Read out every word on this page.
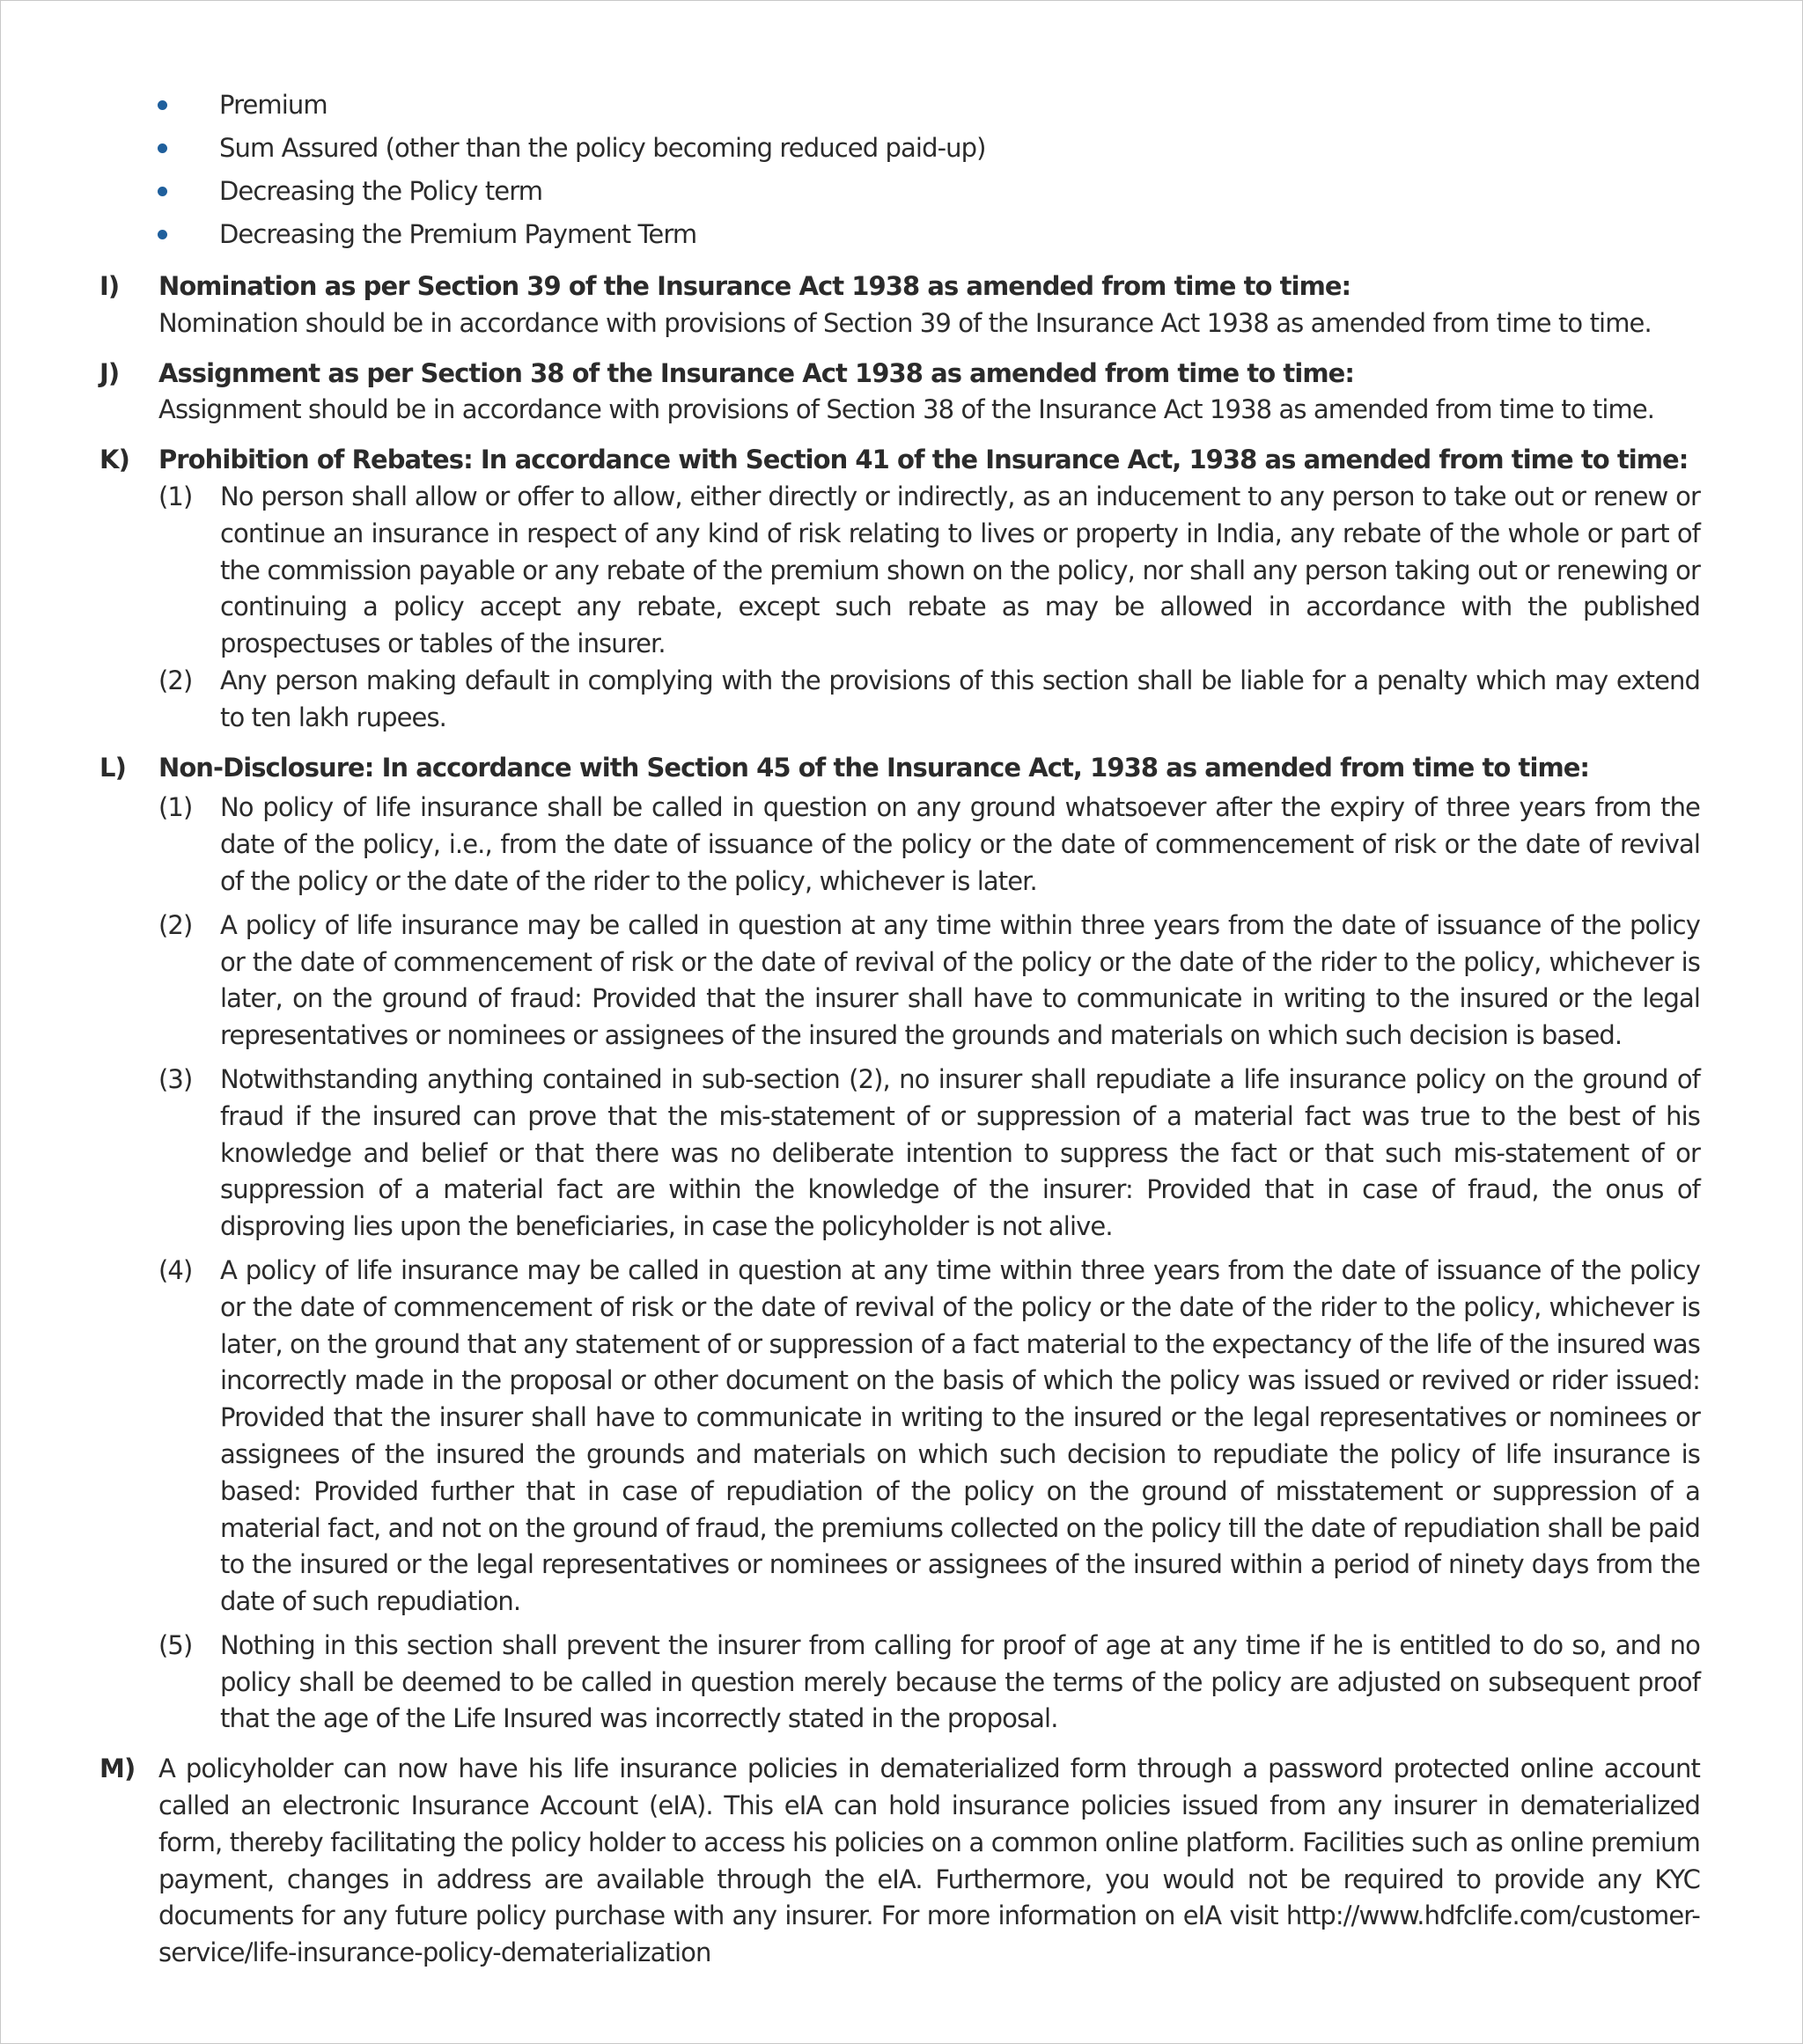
Premium
Sum Assured (other than the policy becoming reduced paid-up)
Decreasing the Policy term
Decreasing the Premium Payment Term
I) Nomination as per Section 39 of the Insurance Act 1938 as amended from time to time:
Nomination should be in accordance with provisions of Section 39 of the Insurance Act 1938 as amended from time to time.
J) Assignment as per Section 38 of the Insurance Act 1938 as amended from time to time:
Assignment should be in accordance with provisions of Section 38 of the Insurance Act 1938 as amended from time to time.
K) Prohibition of Rebates: In accordance with Section 41 of the Insurance Act, 1938 as amended from time to time:
(1) No person shall allow or offer to allow, either directly or indirectly, as an inducement to any person to take out or renew or continue an insurance in respect of any kind of risk relating to lives or property in India, any rebate of the whole or part of the commission payable or any rebate of the premium shown on the policy, nor shall any person taking out or renewing or continuing a policy accept any rebate, except such rebate as may be allowed in accordance with the published prospectuses or tables of the insurer.
(2) Any person making default in complying with the provisions of this section shall be liable for a penalty which may extend to ten lakh rupees.
L) Non-Disclosure: In accordance with Section 45 of the Insurance Act, 1938 as amended from time to time:
(1) No policy of life insurance shall be called in question on any ground whatsoever after the expiry of three years from the date of the policy, i.e., from the date of issuance of the policy or the date of commencement of risk or the date of revival of the policy or the date of the rider to the policy, whichever is later.
(2) A policy of life insurance may be called in question at any time within three years from the date of issuance of the policy or the date of commencement of risk or the date of revival of the policy or the date of the rider to the policy, whichever is later, on the ground of fraud: Provided that the insurer shall have to communicate in writing to the insured or the legal representatives or nominees or assignees of the insured the grounds and materials on which such decision is based.
(3) Notwithstanding anything contained in sub-section (2), no insurer shall repudiate a life insurance policy on the ground of fraud if the insured can prove that the mis-statement of or suppression of a material fact was true to the best of his knowledge and belief or that there was no deliberate intention to suppress the fact or that such mis-statement of or suppression of a material fact are within the knowledge of the insurer: Provided that in case of fraud, the onus of disproving lies upon the beneficiaries, in case the policyholder is not alive.
(4) A policy of life insurance may be called in question at any time within three years from the date of issuance of the policy or the date of commencement of risk or the date of revival of the policy or the date of the rider to the policy, whichever is later, on the ground that any statement of or suppression of a fact material to the expectancy of the life of the insured was incorrectly made in the proposal or other document on the basis of which the policy was issued or revived or rider issued: Provided that the insurer shall have to communicate in writing to the insured or the legal representatives or nominees or assignees of the insured the grounds and materials on which such decision to repudiate the policy of life insurance is based: Provided further that in case of repudiation of the policy on the ground of misstatement or suppression of a material fact, and not on the ground of fraud, the premiums collected on the policy till the date of repudiation shall be paid to the insured or the legal representatives or nominees or assignees of the insured within a period of ninety days from the date of such repudiation.
(5) Nothing in this section shall prevent the insurer from calling for proof of age at any time if he is entitled to do so, and no policy shall be deemed to be called in question merely because the terms of the policy are adjusted on subsequent proof that the age of the Life Insured was incorrectly stated in the proposal.
M) A policyholder can now have his life insurance policies in dematerialized form through a password protected online account called an electronic Insurance Account (eIA). This eIA can hold insurance policies issued from any insurer in dematerialized form, thereby facilitating the policy holder to access his policies on a common online platform. Facilities such as online premium payment, changes in address are available through the eIA. Furthermore, you would not be required to provide any KYC documents for any future policy purchase with any insurer. For more information on eIA visit http://www.hdfclife.com/customer-service/life-insurance-policy-dematerialization
